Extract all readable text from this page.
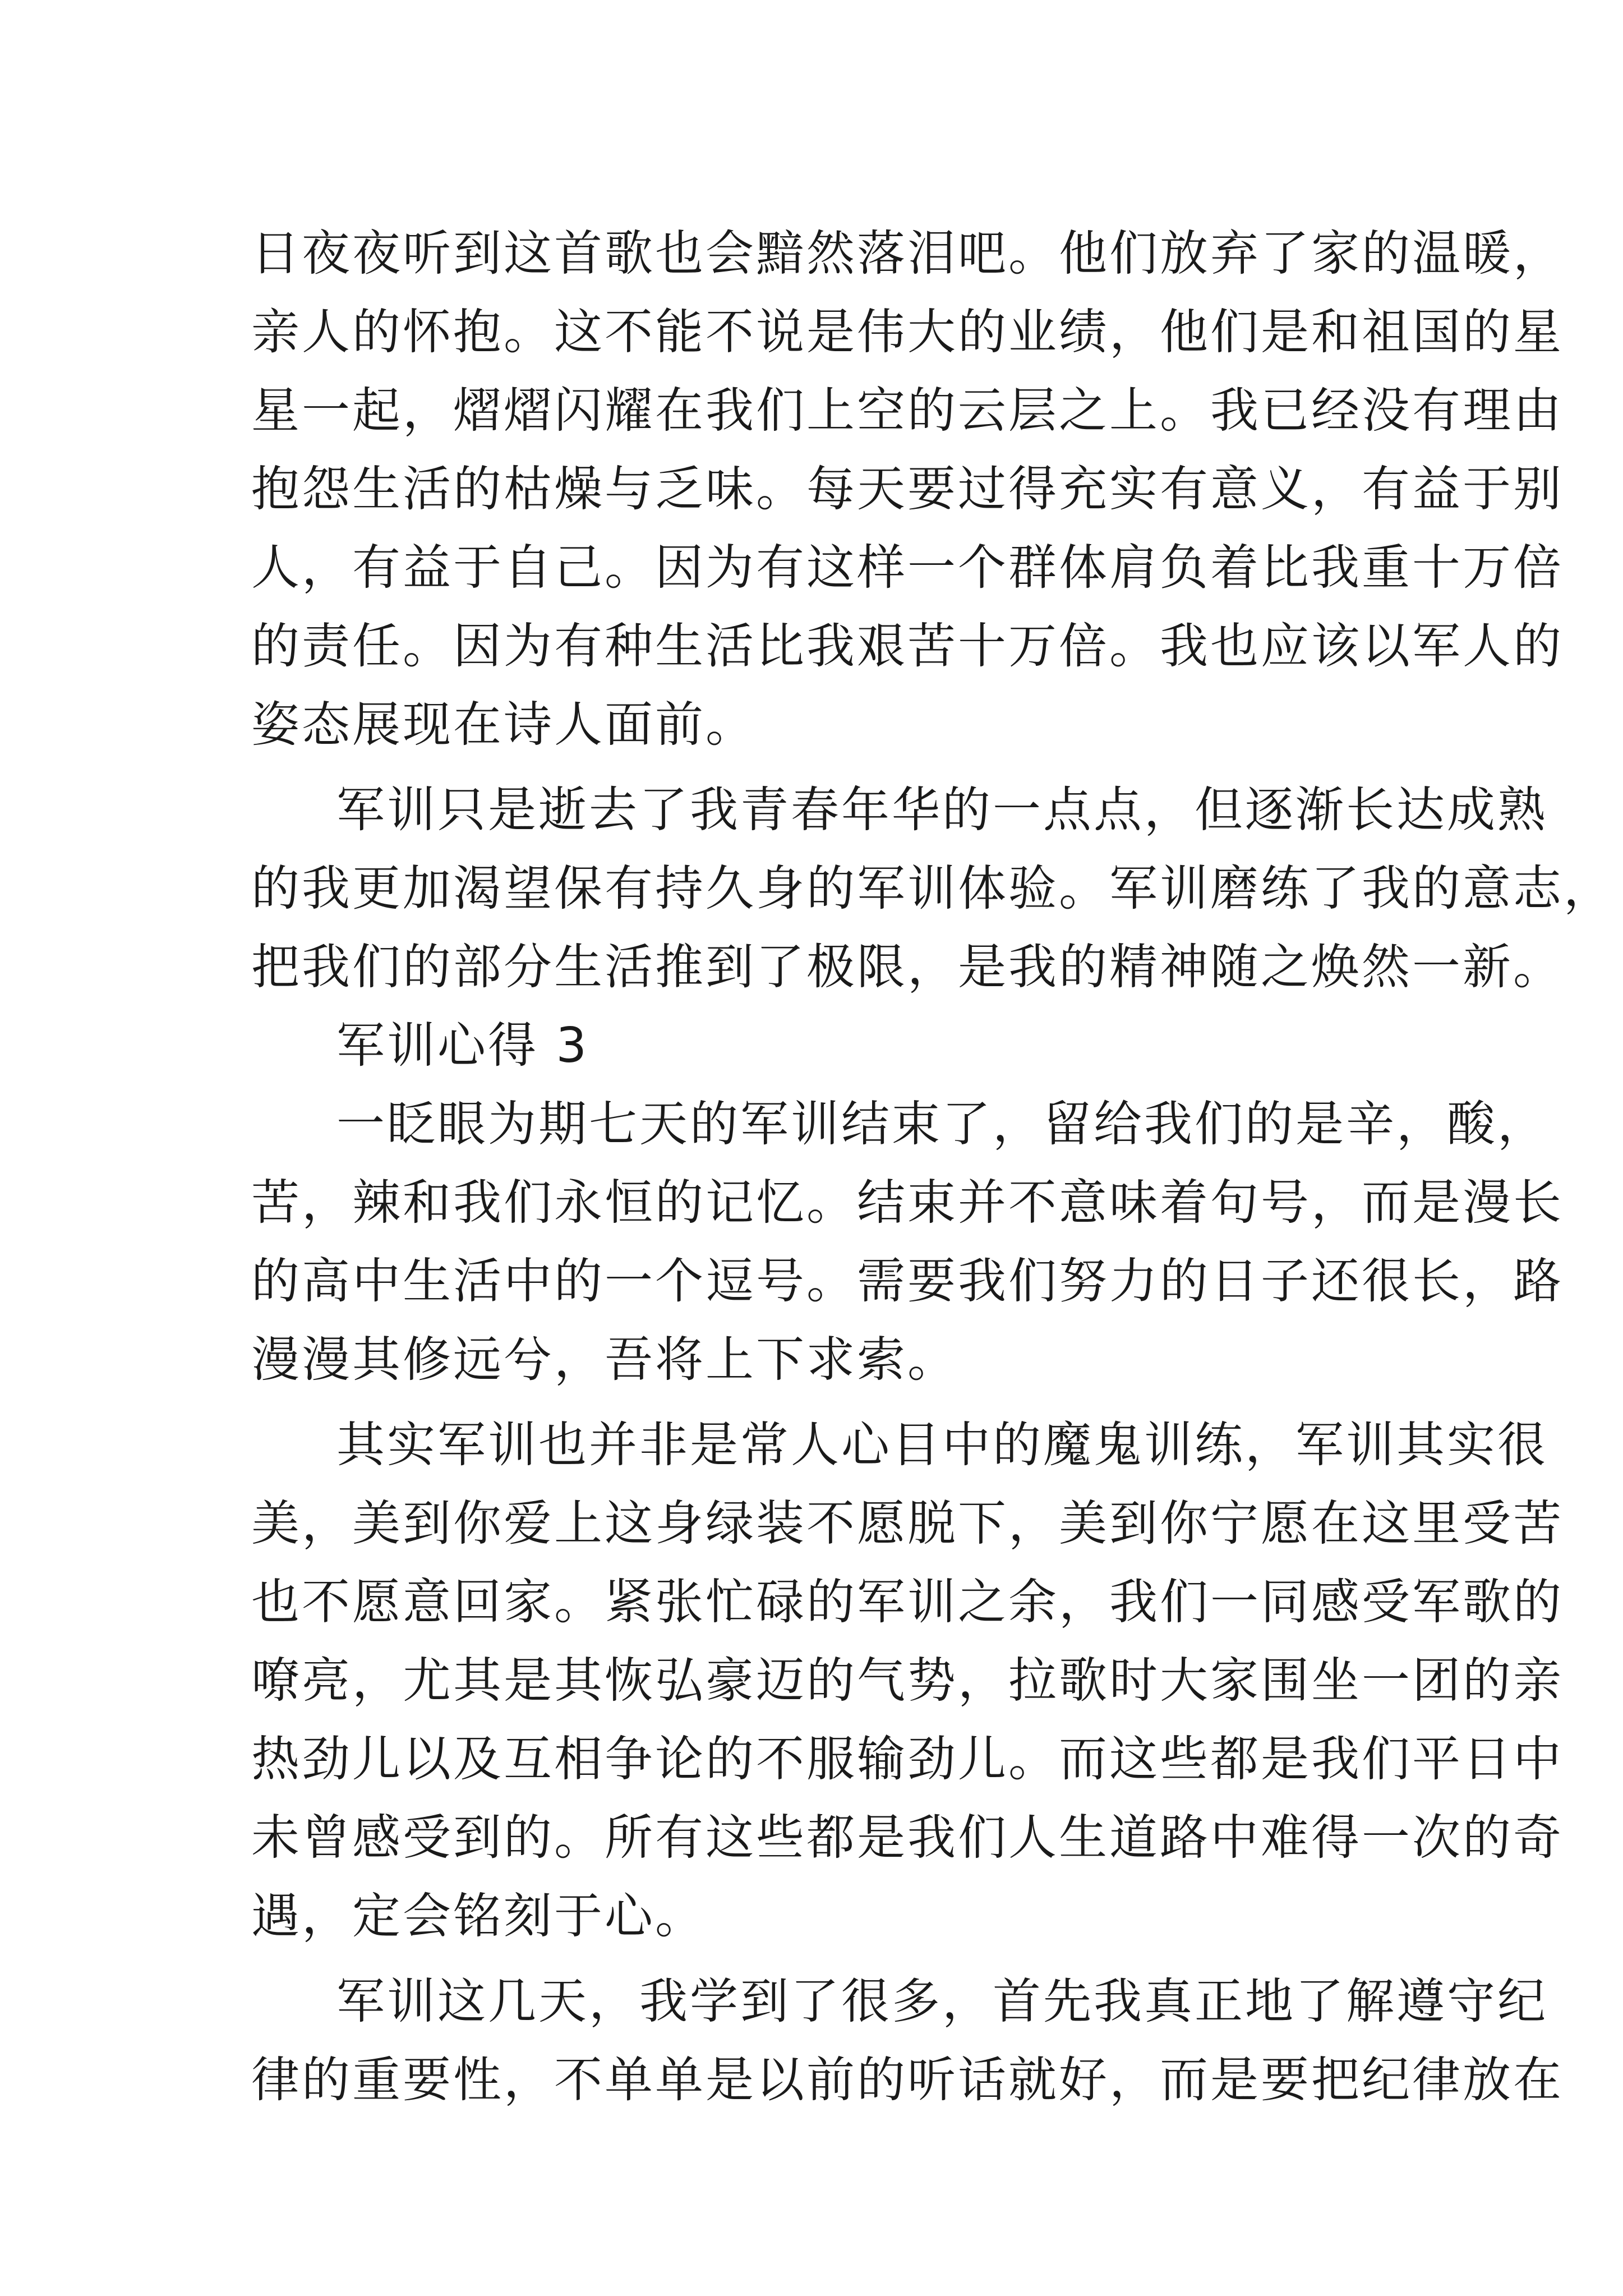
日夜夜听到这首歌也会黯然落泪吧。他们放弃了家的温暖，
亲人的怀抱。这不能不说是伟大的业绩，他们是和祖国的星
星一起，熠熠闪耀在我们上空的云层之上。我已经没有理由
抱怨生活的枯燥与乏味。每天要过得充实有意义，有益于别
人，有益于自己。因为有这样一个群体肩负着比我重十万倍
的责任。因为有种生活比我艰苦十万倍。我也应该以军人的
姿态展现在诗人面前。
军训只是逝去了我青春年华的一点点，但逐渐长达成熟
的我更加渴望保有持久身的军训体验。军训磨练了我的意志，
把我们的部分生活推到了极限，是我的精神随之焕然一新。
军训心得 3
一眨眼为期七天的军训结束了，留给我们的是辛，酸，
苦，辣和我们永恒的记忆。结束并不意味着句号，而是漫长
的高中生活中的一个逗号。需要我们努力的日子还很长，路
漫漫其修远兮，吾将上下求索。
其实军训也并非是常人心目中的魔鬼训练，军训其实很
美，美到你爱上这身绿装不愿脱下，美到你宁愿在这里受苦
也不愿意回家。紧张忙碌的军训之余，我们一同感受军歌的
嘹亮，尤其是其恢弘豪迈的气势，拉歌时大家围坐一团的亲
热劲儿以及互相争论的不服输劲儿。而这些都是我们平日中
未曾感受到的。所有这些都是我们人生道路中难得一次的奇
遇，定会铭刻于心。
军训这几天，我学到了很多，首先我真正地了解遵守纪
律的重要性，不单单是以前的听话就好，而是要把纪律放在
